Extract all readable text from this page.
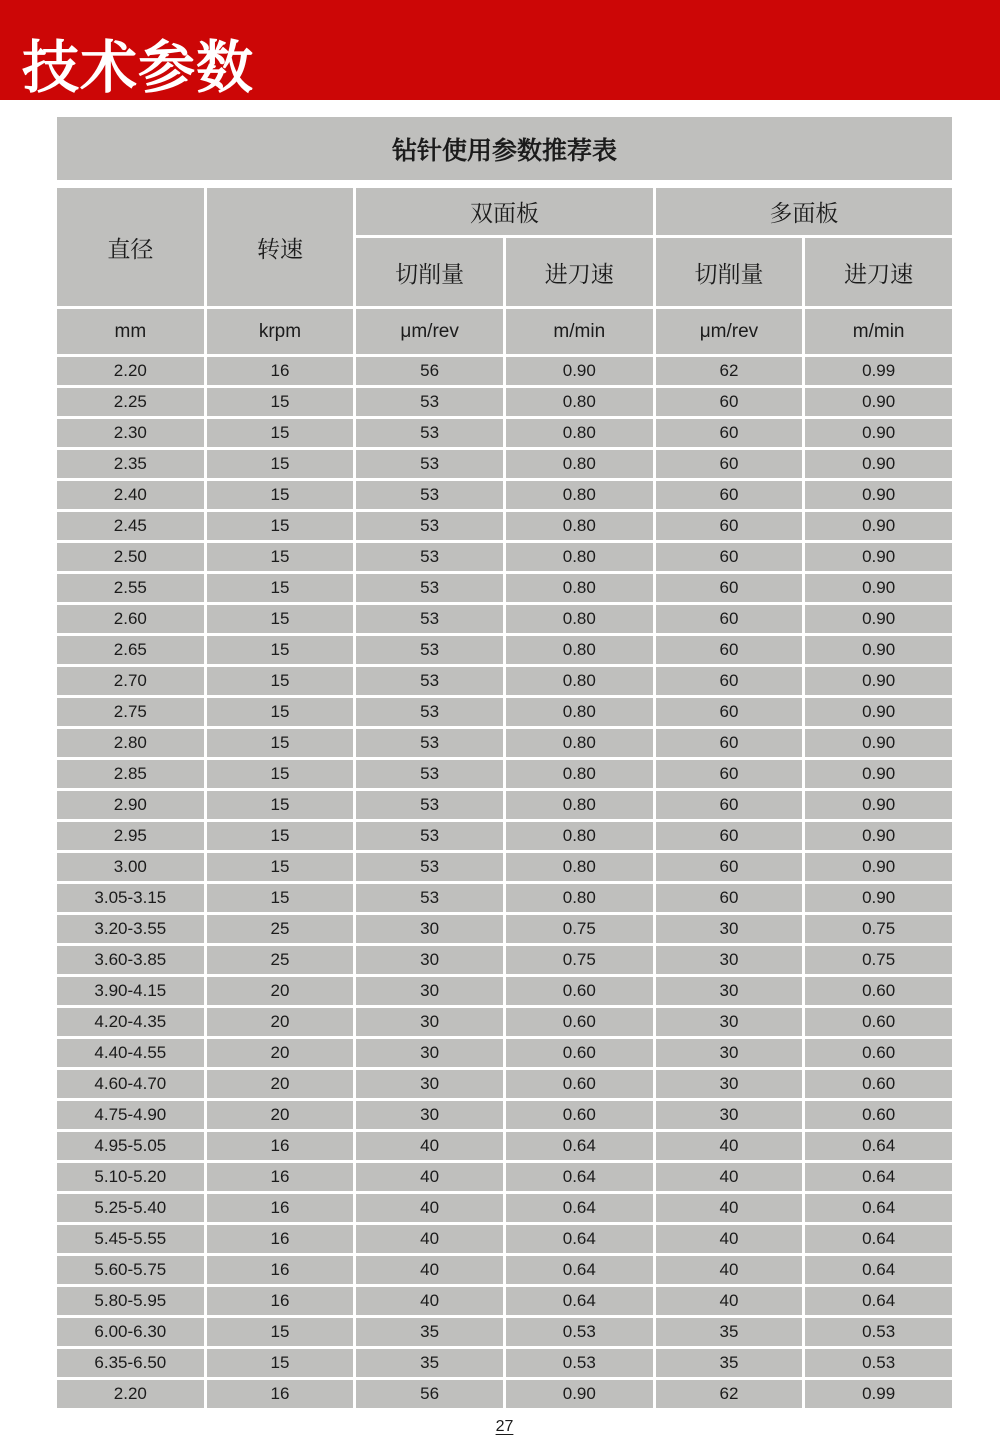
技术参数
钻针使用参数推荐表
直径	转速	双面板		多面板	
		切削量	进刀速	切削量	进刀速
mm	krpm	μm/rev	m/min	μm/rev	m/min
2.20	16	56	0.90	62	0.99
2.25	15	53	0.80	60	0.90
2.30	15	53	0.80	60	0.90
2.35	15	53	0.80	60	0.90
2.40	15	53	0.80	60	0.90
2.45	15	53	0.80	60	0.90
2.50	15	53	0.80	60	0.90
2.55	15	53	0.80	60	0.90
2.60	15	53	0.80	60	0.90
2.65	15	53	0.80	60	0.90
2.70	15	53	0.80	60	0.90
2.75	15	53	0.80	60	0.90
2.80	15	53	0.80	60	0.90
2.85	15	53	0.80	60	0.90
2.90	15	53	0.80	60	0.90
2.95	15	53	0.80	60	0.90
3.00	15	53	0.80	60	0.90
3.05-3.15	15	53	0.80	60	0.90
3.20-3.55	25	30	0.75	30	0.75
3.60-3.85	25	30	0.75	30	0.75
3.90-4.15	20	30	0.60	30	0.60
4.20-4.35	20	30	0.60	30	0.60
4.40-4.55	20	30	0.60	30	0.60
4.60-4.70	20	30	0.60	30	0.60
4.75-4.90	20	30	0.60	30	0.60
4.95-5.05	16	40	0.64	40	0.64
5.10-5.20	16	40	0.64	40	0.64
5.25-5.40	16	40	0.64	40	0.64
5.45-5.55	16	40	0.64	40	0.64
5.60-5.75	16	40	0.64	40	0.64
5.80-5.95	16	40	0.64	40	0.64
6.00-6.30	15	35	0.53	35	0.53
6.35-6.50	15	35	0.53	35	0.53
2.20	16	56	0.90	62	0.99
27
